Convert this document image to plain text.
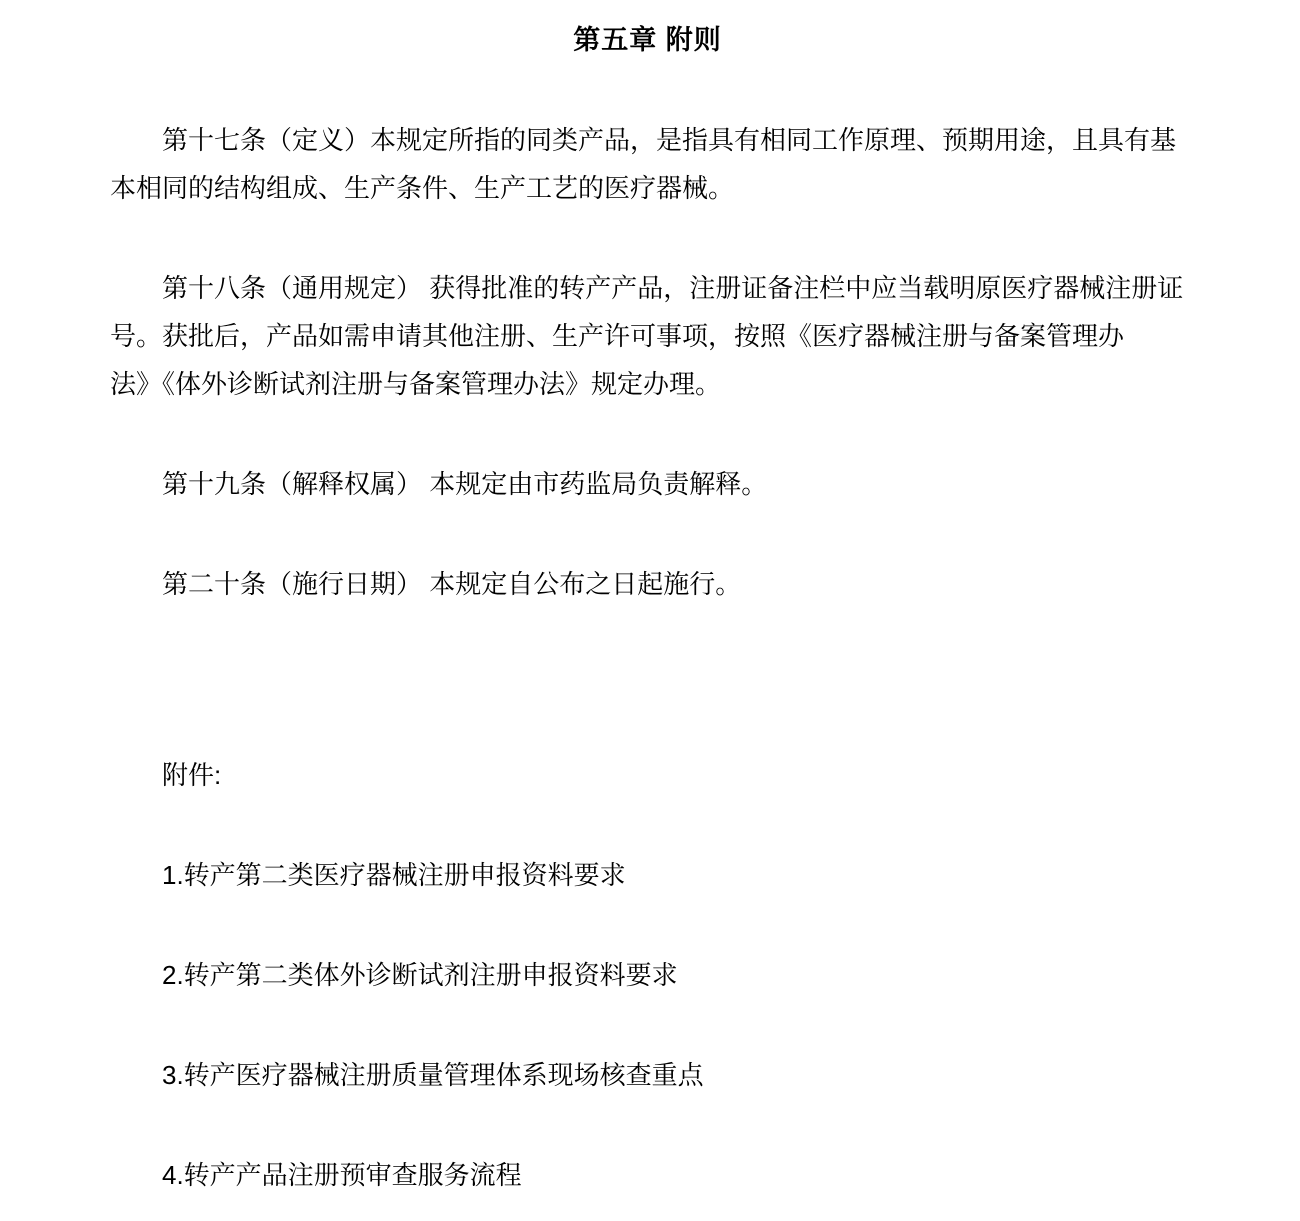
第五章 附则
第十七条（定义）本规定所指的同类产品，是指具有相同工作原理、预期用途，且具有基
本相同的结构组成、生产条件、生产工艺的医疗器械。
第十八条（通用规定） 获得批准的转产产品，注册证备注栏中应当载明原医疗器械注册证
号。获批后，产品如需申请其他注册、生产许可事项，按照《医疗器械注册与备案管理办
法》《体外诊断试剂注册与备案管理办法》规定办理。
第十九条（解释权属） 本规定由市药监局负责解释。
第二十条（施行日期） 本规定自公布之日起施行。
附件:
1.转产第二类医疗器械注册申报资料要求
2.转产第二类体外诊断试剂注册申报资料要求
3.转产医疗器械注册质量管理体系现场核查重点
4.转产产品注册预审查服务流程
